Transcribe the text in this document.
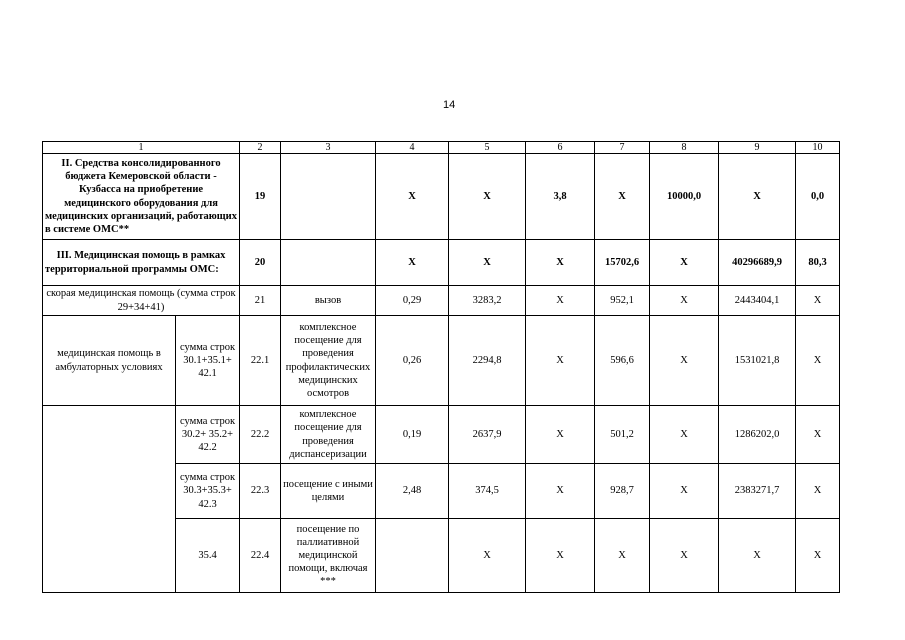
14
1		2	3	4	5	6	7	8	9	10
II. Средства консолидированного бюджета Кемеровской области - Кузбасса на приобретение медицинского оборудования для медицинских организаций, работающих в системе ОМС**		19		Х	Х	3,8	Х	10000,0	Х	0,0
III. Медицинская помощь в рамках территориальной программы ОМС:		20		Х	Х	Х	15702,6	Х	40296689,9	80,3
скорая медицинская помощь (сумма строк 29+34+41)		21	вызов	0,29	3283,2	Х	952,1	Х	2443404,1	Х
медицинская помощь в амбулаторных условиях	сумма строк 30.1+35.1+ 42.1	22.1	комплексное посещение для проведения профилактических медицинских осмотров	0,26	2294,8	Х	596,6	Х	1531021,8	Х
	сумма строк 30.2+ 35.2+ 42.2	22.2	комплексное посещение для проведения диспансеризации	0,19	2637,9	Х	501,2	Х	1286202,0	Х
	сумма строк 30.3+35.3+ 42.3	22.3	посещение с иными целями	2,48	374,5	Х	928,7	Х	2383271,7	Х
	35.4	22.4	посещение по паллиативной медицинской помощи, включая ***		Х	Х	Х	Х	Х	Х
